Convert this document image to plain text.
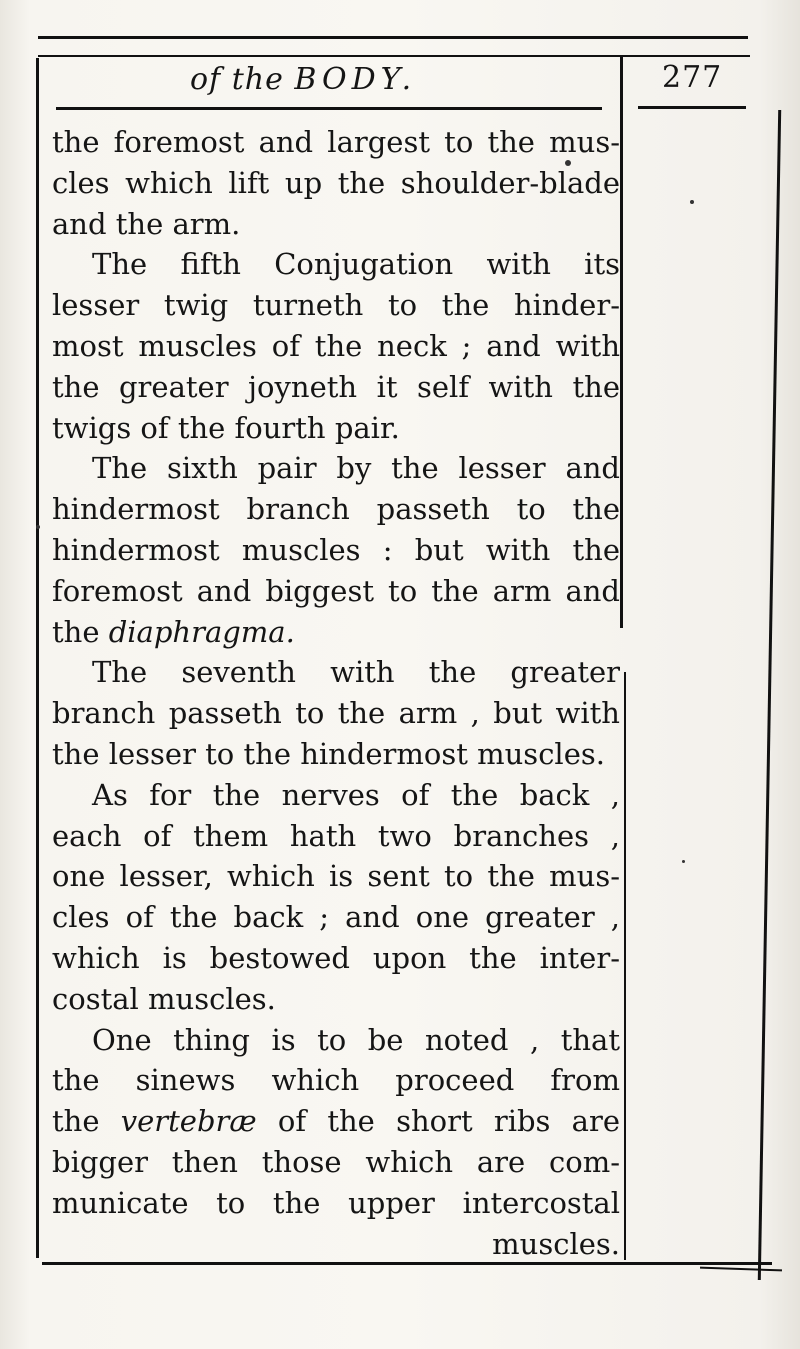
of the BODY.	277
the foremost and largest to the mus-
cles which lift up the shoulder-blade
and the arm.
The fifth Conjugation with its
lesser twig turneth to the hinder-
most muscles of the neck ; and with
the greater joyneth it self with the
twigs of the fourth pair.
The sixth pair by the lesser and
hindermost branch passeth to the
hindermost muscles : but with the
foremost and biggest to the arm and
the diaphragma.
The seventh with the greater
branch passeth to the arm , but with
the lesser to the hindermost muscles.
As for the nerves of the back ,
each of them hath two branches ,
one lesser, which is sent to the mus-
cles of the back ; and one greater ,
which is bestowed upon the inter-
costal muscles.
One thing is to be noted , that
the sinews which proceed from
the vertebræ of the short ribs are
bigger then those which are com-
municate to the upper intercostal
muscles.
